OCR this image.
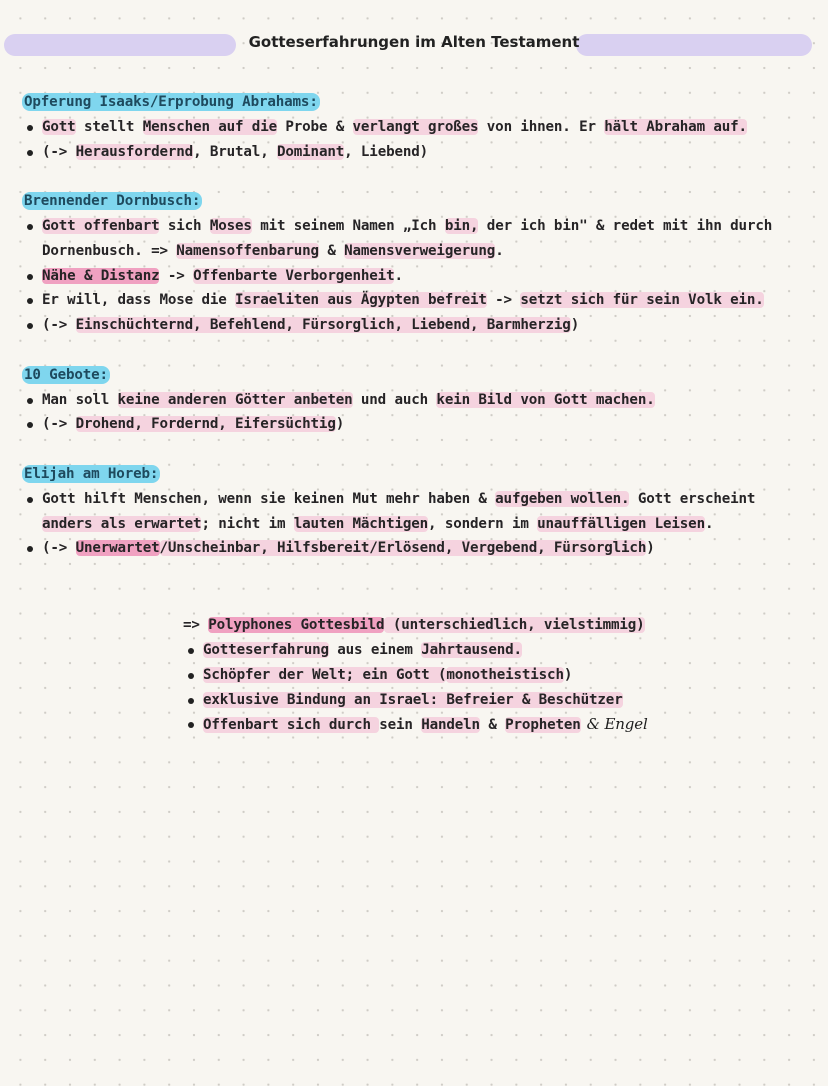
Gotteserfahrungen im Alten Testament
Opferung Isaaks/Erprobung Abrahams:
Gott stellt Menschen auf die Probe & verlangt großes von ihnen. Er hält Abraham auf.
(-> Herausfordernd, Brutal, Dominant, Liebend)
Brennender Dornbusch:
Gott offenbart sich Moses mit seinem Namen „Ich bin, der ich bin" & redet mit ihn durch
Dornenbusch. => Namensoffenbarung & Namensverweigerung.
Nähe & Distanz -> Offenbarte Verborgenheit.
Er will, dass Mose die Israeliten aus Ägypten befreit -> setzt sich für sein Volk ein.
(-> Einschüchternd, Befehlend, Fürsorglich, Liebend, Barmherzig)
10 Gebote:
Man soll keine anderen Götter anbeten und auch kein Bild von Gott machen.
(-> Drohend, Fordernd, Eifersüchtig)
Elijah am Horeb:
Gott hilft Menschen, wenn sie keinen Mut mehr haben & aufgeben wollen. Gott erscheint
anders als erwartet; nicht im lauten Mächtigen, sondern im unauffälligen Leisen.
(-> Unerwartet/Unscheinbar, Hilfsbereit/Erlösend, Vergebend, Fürsorglich)
=> Polyphones Gottesbild (unterschiedlich, vielstimmig)
Gotteserfahrung aus einem Jahrtausend.
Schöpfer der Welt; ein Gott (monotheistisch)
exklusive Bindung an Israel: Befreier & Beschützer
Offenbart sich durch sein Handeln & Propheten & Engel
